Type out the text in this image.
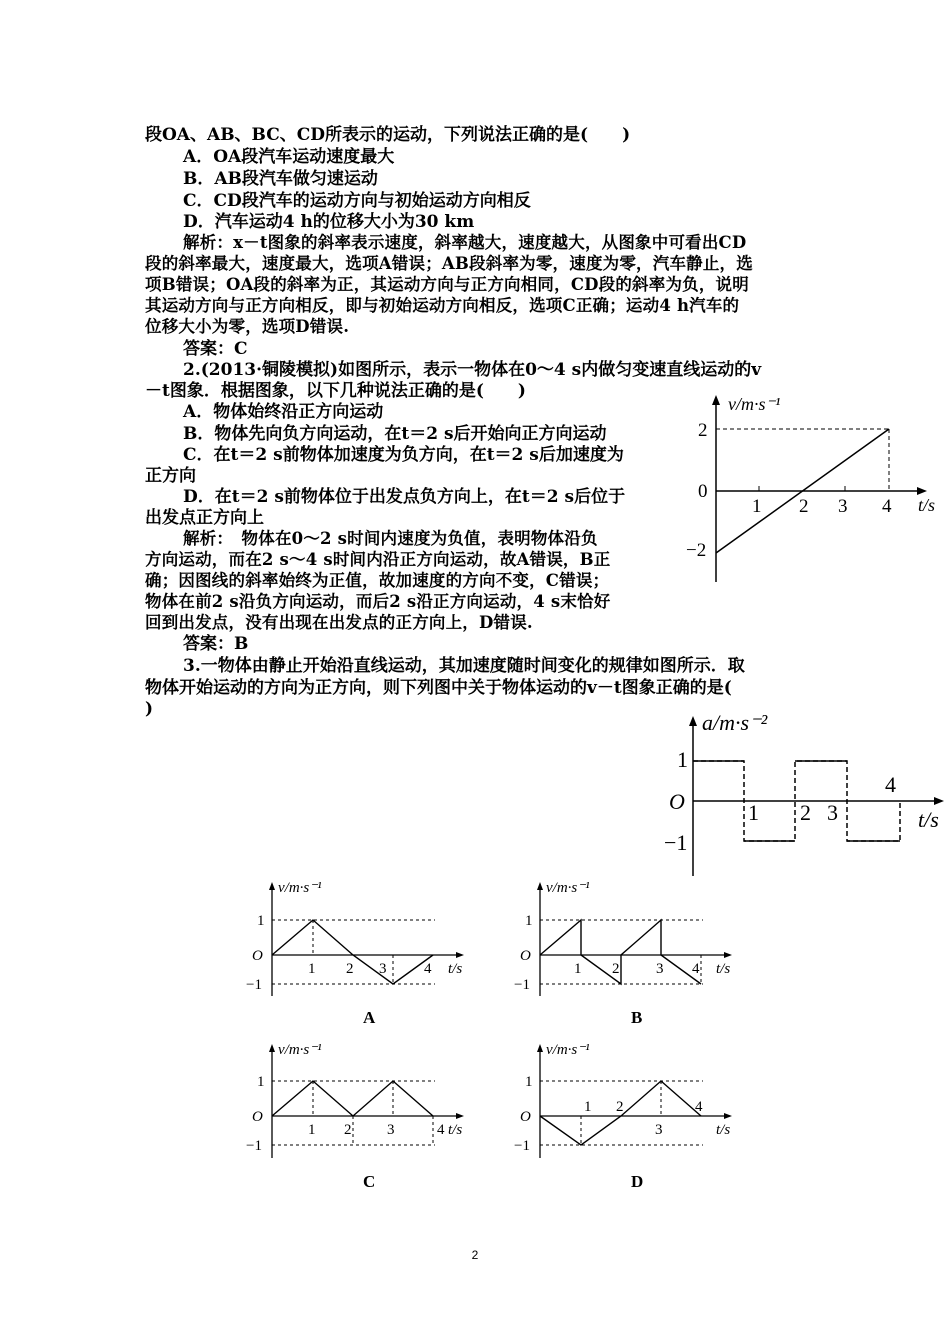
段OA、AB、BC、CD所表示的运动，下列说法正确的是(　　)
A．OA段汽车运动速度最大
B．AB段汽车做匀速运动
C．CD段汽车的运动方向与初始运动方向相反
D．汽车运动4 h的位移大小为30 km
解析：x－t图象的斜率表示速度，斜率越大，速度越大，从图象中可看出CD
段的斜率最大，速度最大，选项A错误；AB段斜率为零，速度为零，汽车静止，选
项B错误；OA段的斜率为正，其运动方向与正方向相同，CD段的斜率为负，说明
其运动方向与正方向相反，即与初始运动方向相反，选项C正确；运动4 h汽车的
位移大小为零，选项D错误.
答案：C
2.(2013·铜陵模拟)如图所示，表示一物体在0～4 s内做匀变速直线运动的v
－t图象．根据图象，以下几种说法正确的是(　　)
A．物体始终沿正方向运动
B．物体先向负方向运动，在t＝2 s后开始向正方向运动
C．在t＝2 s前物体加速度为负方向，在t＝2 s后加速度为
正方向
D．在t＝2 s前物体位于出发点负方向上，在t＝2 s后位于
出发点正方向上
解析：　物体在0～2 s时间内速度为负值，表明物体沿负
方向运动，而在2 s～4 s时间内沿正方向运动，故A错误，B正
确；因图线的斜率始终为正值，故加速度的方向不变，C错误；
物体在前2 s沿负方向运动，而后2 s沿正方向运动，4 s末恰好
回到出发点，没有出现在出发点的正方向上，D错误.
答案：B
v/m·s⁻¹
t/s
2
0
−2
1 2 3 4
3.一物体由静止开始沿直线运动，其加速度随时间变化的规律如图所示．取
物体开始运动的方向为正方向，则下列图中关于物体运动的v－t图象正确的是(
)
a/m·s⁻²
t/s
1
O
−1
1 2 3
4
v/m·s⁻¹
t/s
1
O
−1
1 2 3	4
A
v/m·s⁻¹
t/s
1
O
−1
1 2 3 4
B
v/m·s⁻¹
t/s
1
O
−1
1 2 3	4
C
v/m·s⁻¹
t/s
1
O
−1
1 2
3
4
D
2
